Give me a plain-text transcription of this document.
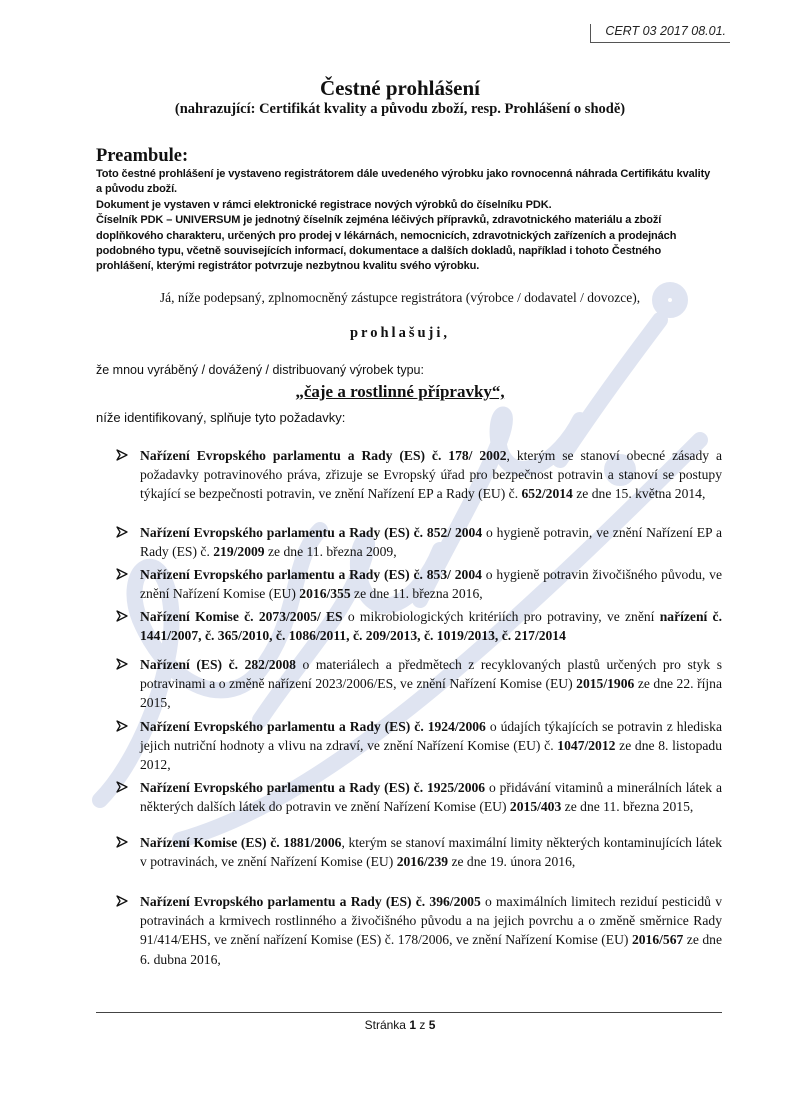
CERT 03 2017 08.01.
Čestné prohlášení
(nahrazující: Certifikát kvality a původu zboží, resp. Prohlášení o shodě)
Preambule:

Toto čestné prohlášení je vystaveno registrátorem dále uvedeného výrobku jako rovnocenná náhrada Certifikátu kvality a původu zboží.

Dokument je vystaven v rámci elektronické registrace nových výrobků do číselníku PDK.

Číselník PDK – UNIVERSUM je jednotný číselník zejména léčivých přípravků, zdravotnického materiálu a zboží doplňkového charakteru, určených pro prodej v lékárnách, nemocnicích, zdravotnických zařízeních a prodejnách podobného typu, včetně souvisejících informací, dokumentace a dalších dokladů, například i tohoto Čestného prohlášení, kterými registrátor potvrzuje nezbytnou kvalitu svého výrobku.

Já, níže podepsaný, zplnomocněný zástupce registrátora (výrobce / dodavatel / dovozce),
prohlašuji,
že mnou vyráběný / dovážený / distribuovaný výrobek typu:
„čaje a rostlinné přípravky“,
níže identifikovaný, splňuje tyto požadavky:
Nařízení Evropského parlamentu a Rady (ES) č. 178/ 2002, kterým se stanoví obecné zásady a požadavky potravinového práva, zřizuje se Evropský úřad pro bezpečnost potravin a stanoví se postupy týkající se bezpečnosti potravin, ve znění Nařízení EP a Rady (EU) č. 652/2014 ze dne 15. května 2014,
Nařízení Evropského parlamentu a Rady (ES) č. 852/ 2004 o hygieně potravin, ve znění Nařízení EP a Rady (ES) č. 219/2009 ze dne 11. března 2009,
Nařízení Evropského parlamentu a Rady (ES) č. 853/ 2004 o hygieně potravin živočišného původu, ve znění Nařízení Komise (EU) 2016/355 ze dne 11. března 2016,
Nařízení Komise č. 2073/2005/ ES o mikrobiologických kritériích pro potraviny, ve znění nařízení č. 1441/2007, č. 365/2010, č. 1086/2011, č. 209/2013, č. 1019/2013, č. 217/2014
Nařízení (ES) č. 282/2008 o materiálech a předmětech z recyklovaných plastů určených pro styk s potravinami a o změně nařízení 2023/2006/ES, ve znění Nařízení Komise (EU) 2015/1906 ze dne 22. října 2015,
Nařízení Evropského parlamentu a Rady (ES) č. 1924/2006 o údajích týkajících se potravin z hlediska jejich nutriční hodnoty a vlivu na zdraví, ve znění Nařízení Komise (EU) č. 1047/2012 ze dne 8. listopadu 2012,
Nařízení Evropského parlamentu a Rady (ES) č. 1925/2006 o přidávání vitaminů a minerálních látek a některých dalších látek do potravin ve znění Nařízení Komise (EU) 2015/403 ze dne 11. března 2015,
Nařízení Komise (ES) č. 1881/2006, kterým se stanoví maximální limity některých kontaminujících látek v potravinách, ve znění Nařízení Komise (EU) 2016/239 ze dne 19. února 2016,
Nařízení Evropského parlamentu a Rady (ES) č. 396/2005 o maximálních limitech reziduí pesticidů v potravinách a krmivech rostlinného a živočišného původu a na jejich povrchu a o změně směrnice Rady 91/414/EHS, ve znění nařízení Komise (ES) č. 178/2006, ve znění Nařízení Komise (EU) 2016/567 ze dne 6. dubna 2016,
Stránka 1 z 5
